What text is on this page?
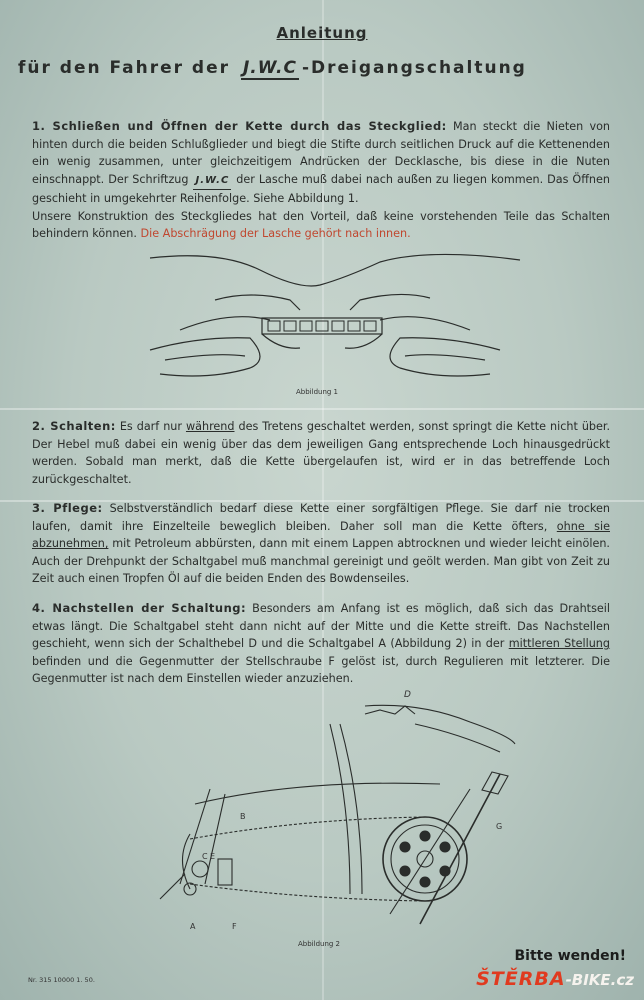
Anleitung
für den Fahrer der J.W.C -Dreigangschaltung
1. Schließen und Öffnen der Kette durch das Steckglied: Man steckt die Nieten von hinten durch die beiden Schlußglieder und biegt die Stifte durch seitlichen Druck auf die Kettenenden ein wenig zusammen, unter gleichzeitigem Andrücken der Decklasche, bis diese in die Nuten einschnappt. Der Schriftzug J.W.C der Lasche muß dabei nach außen zu liegen kommen. Das Öffnen geschieht in umgekehrter Reihenfolge. Siehe Abbildung 1.
Unsere Konstruktion des Steckgliedes hat den Vorteil, daß keine vorstehenden Teile das Schalten behindern können. Die Abschrägung der Lasche gehört nach innen.
Abbildung 1
2. Schalten: Es darf nur während des Tretens geschaltet werden, sonst springt die Kette nicht über. Der Hebel muß dabei ein wenig über das dem jeweiligen Gang entsprechende Loch hinausgedrückt werden. Sobald man merkt, daß die Kette übergelaufen ist, wird er in das betreffende Loch zurückgeschaltet.
3. Pflege: Selbstverständlich bedarf diese Kette einer sorgfältigen Pflege. Sie darf nie trocken laufen, damit ihre Einzelteile beweglich bleiben. Daher soll man die Kette öfters, ohne sie abzunehmen, mit Petroleum abbürsten, dann mit einem Lappen abtrocknen und wieder leicht einölen. Auch der Drehpunkt der Schaltgabel muß manchmal gereinigt und geölt werden. Man gibt von Zeit zu Zeit auch einen Tropfen Öl auf die beiden Enden des Bowdenseiles.
4. Nachstellen der Schaltung: Besonders am Anfang ist es möglich, daß sich das Drahtseil etwas längt. Die Schaltgabel steht dann nicht auf der Mitte und die Kette streift. Das Nachstellen geschieht, wenn sich der Schalthebel D und die Schaltgabel A (Abbildung 2) in der mittleren Stellung befinden und die Gegenmutter der Stellschraube F gelöst ist, durch Regulieren mit letzterer. Die Gegenmutter ist nach dem Einstellen wieder anzuziehen.
D
B
G
C E
A	F
Abbildung 2
Nr. 315 10000 1. 50.
Bitte wenden!
ŠTĚRBA-BIKE.cz
